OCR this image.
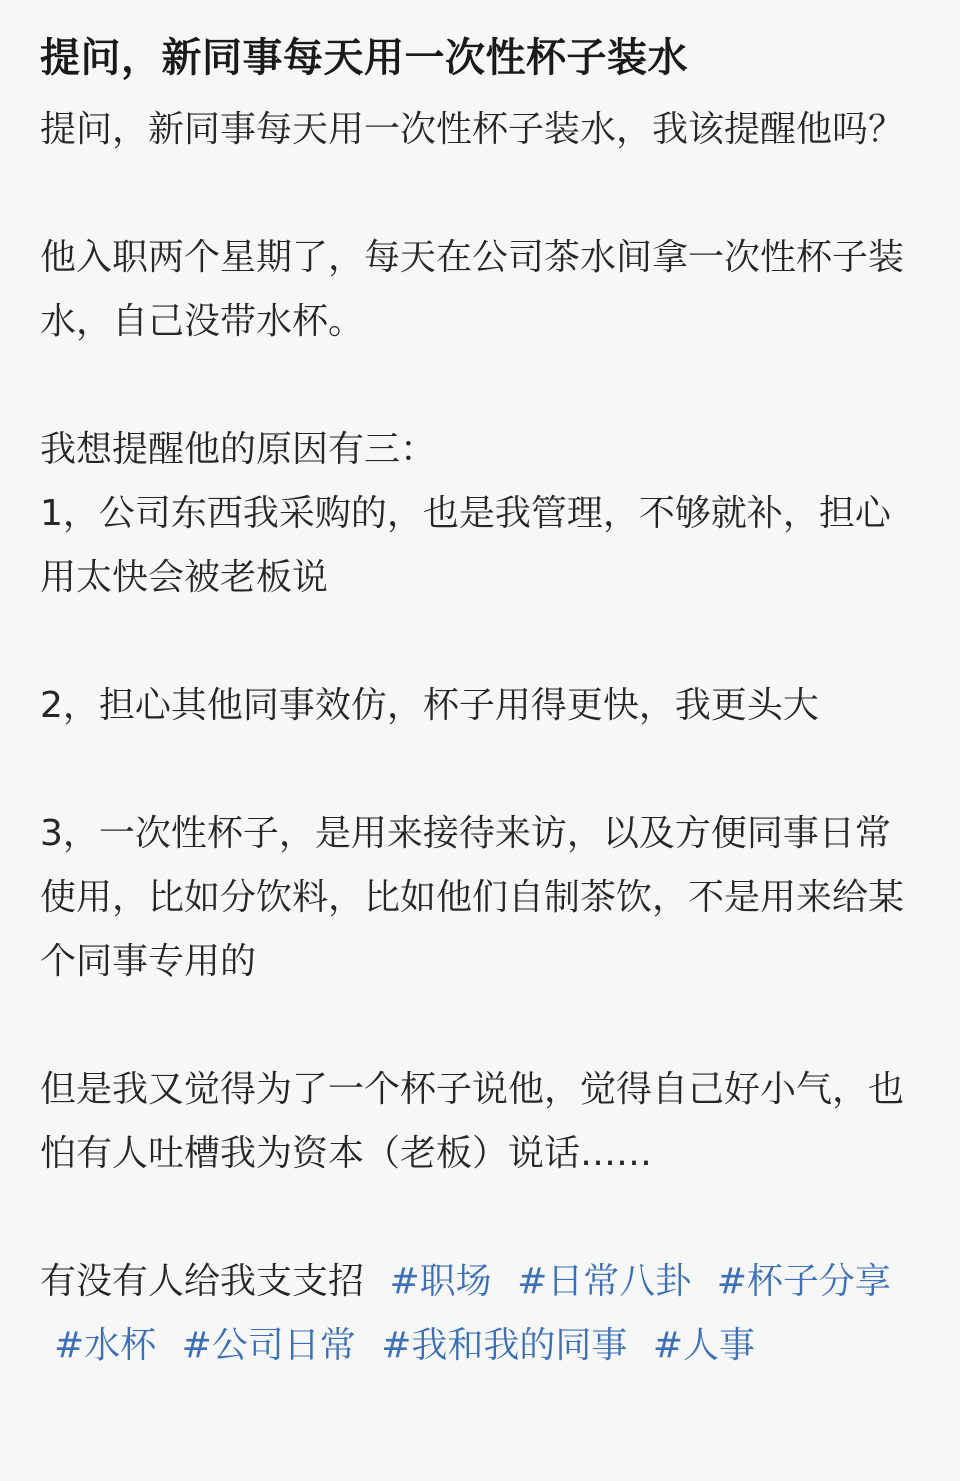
提问，新同事每天用一次性杯子装水

提问，新同事每天用一次性杯子装水，我该提醒他吗？

他入职两个星期了，每天在公司茶水间拿一次性杯子装水，自己没带水杯。

我想提醒他的原因有三：

1，公司东西我采购的，也是我管理，不够就补，担心用太快会被老板说

2，担心其他同事效仿，杯子用得更快，我更头大

3，一次性杯子，是用来接待来访，以及方便同事日常使用，比如分饮料，比如他们自制茶饮，不是用来给某个同事专用的

但是我又觉得为了一个杯子说他，觉得自己好小气，也怕有人吐槽我为资本（老板）说话……

有没有人给我支支招 #职场 #日常八卦 #杯子分享 #水杯 #公司日常 #我和我的同事 #人事
